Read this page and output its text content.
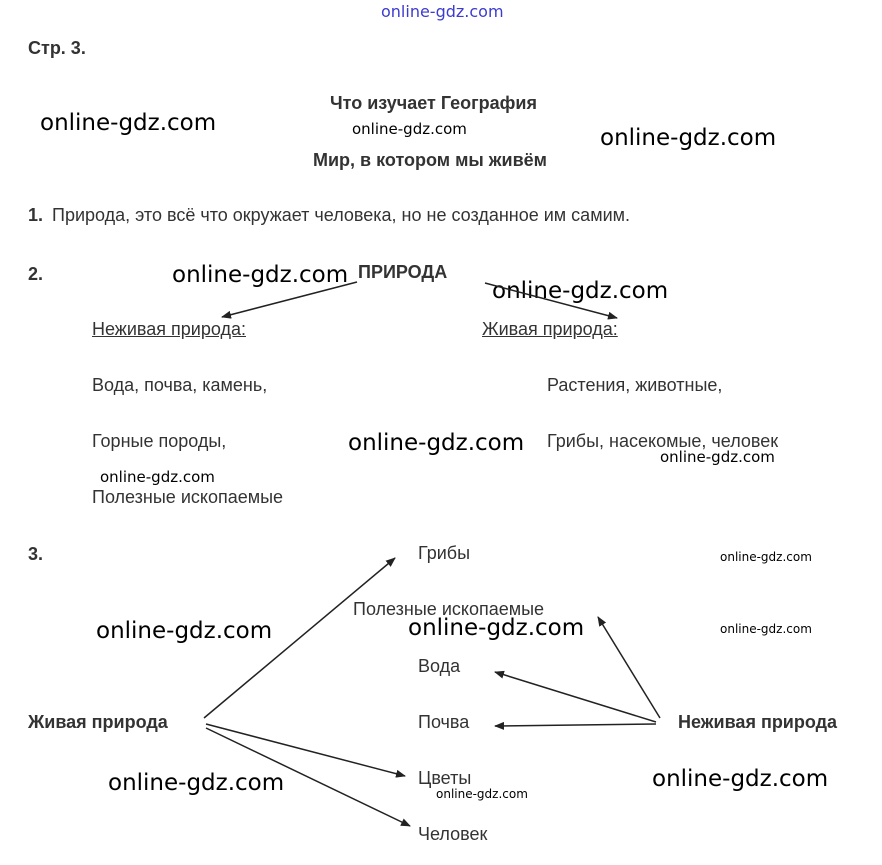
online-gdz.com
online-gdz.com	online-gdz.com	online-gdz.com
online-gdz.com
online-gdz.com
online-gdz.com
online-gdz.com
online-gdz.com
online-gdz.com
online-gdz.com	online-gdz.com	online-gdz.com
online-gdz.com	online-gdz.com
online-gdz.com
Стр. 3.
Что изучает География
Мир, в котором мы живём
1. Природа, это всё что окружает человека, но не созданное им самим.
2.	ПРИРОДА
Неживая природа:	Живая природа:
Вода, почва, камень,
Горные породы,
Полезные ископаемые
Растения, животные,
Грибы, насекомые, человек
3.
Живая природа	Неживая природа
Грибы
Полезные ископаемые
Вода
Почва
Цветы
Человек
